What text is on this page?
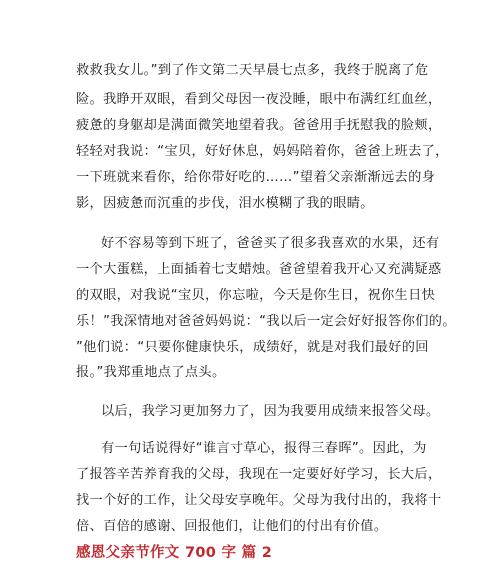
救救我女儿。”到了作文第二天早晨七点多，我终于脱离了危

险。我睁开双眼，看到父母因一夜没睡，眼中布满红红血丝，

疲惫的身躯却是满面微笑地望着我。爸爸用手抚慰我的脸颊，

轻轻对我说：“宝贝，好好休息，妈妈陪着你，爸爸上班去了，

一下班就来看你，给你带好吃的……”望着父亲渐渐远去的身

影，因疲惫而沉重的步伐，泪水模糊了我的眼睛。

好不容易等到下班了，爸爸买了很多我喜欢的水果，还有

一个大蛋糕，上面插着七支蜡烛。爸爸望着我开心又充满疑惑

的双眼，对我说“宝贝，你忘啦，今天是你生日，祝你生日快

乐！”我深情地对爸爸妈妈说：“我以后一定会好好报答你们的。

”他们说：“只要你健康快乐，成绩好，就是对我们最好的回

报。”我郑重地点了点头。

以后，我学习更加努力了，因为我要用成绩来报答父母。

有一句话说得好“谁言寸草心，报得三春晖”。因此，为

了报答辛苦养育我的父母，我现在一定要好好学习，长大后，

找一个好的工作，让父母安享晚年。父母为我付出的，我将十

倍、百倍的感谢、回报他们，让他们的付出有价值。

感恩父亲节作文 700 字 篇 2
